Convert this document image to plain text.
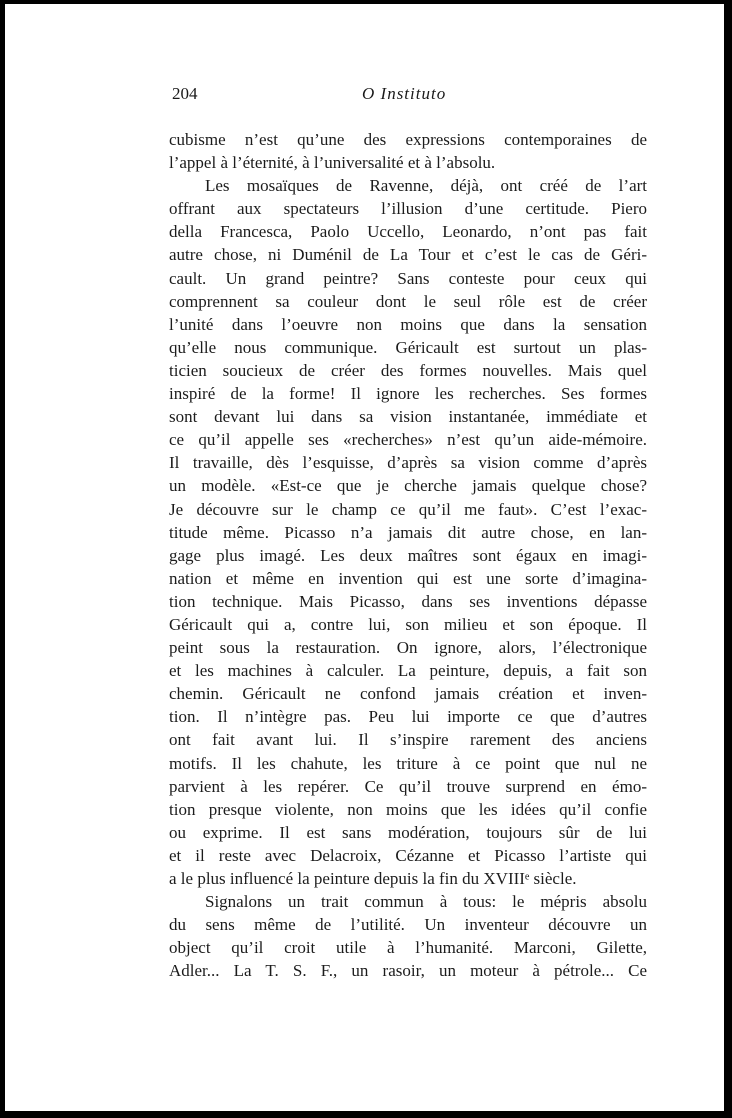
204	O Instituto
cubisme n’est qu’une des expressions contemporaines de
l’appel à l’éternité, à l’universalité et à l’absolu.
Les mosaïques de Ravenne, déjà, ont créé de l’art
offrant aux spectateurs l’illusion d’une certitude. Piero
della Francesca, Paolo Uccello, Leonardo, n’ont pas fait
autre chose, ni Duménil de La Tour et c’est le cas de Géri-
cault. Un grand peintre? Sans conteste pour ceux qui
comprennent sa couleur dont le seul rôle est de créer
l’unité dans l’oeuvre non moins que dans la sensation
qu’elle nous communique. Géricault est surtout un plas-
ticien soucieux de créer des formes nouvelles. Mais quel
inspiré de la forme! Il ignore les recherches. Ses formes
sont devant lui dans sa vision instantanée, immédiate et
ce qu’il appelle ses «recherches» n’est qu’un aide-mémoire.
Il travaille, dès l’esquisse, d’après sa vision comme d’après
un modèle. «Est-ce que je cherche jamais quelque chose?
Je découvre sur le champ ce qu’il me faut». C’est l’exac-
titude même. Picasso n’a jamais dit autre chose, en lan-
gage plus imagé. Les deux maîtres sont égaux en imagi-
nation et même en invention qui est une sorte d’imagina-
tion technique. Mais Picasso, dans ses inventions dépasse
Géricault qui a, contre lui, son milieu et son époque. Il
peint sous la restauration. On ignore, alors, l’électronique
et les machines à calculer. La peinture, depuis, a fait son
chemin. Géricault ne confond jamais création et inven-
tion. Il n’intègre pas. Peu lui importe ce que d’autres
ont fait avant lui. Il s’inspire rarement des anciens
motifs. Il les chahute, les triture à ce point que nul ne
parvient à les repérer. Ce qu’il trouve surprend en émo-
tion presque violente, non moins que les idées qu’il confie
ou exprime. Il est sans modération, toujours sûr de lui
et il reste avec Delacroix, Cézanne et Picasso l’artiste qui
a le plus influencé la peinture depuis la fin du XVIIIᵉ siècle.
Signalons un trait commun à tous: le mépris absolu
du sens même de l’utilité. Un inventeur découvre un
object qu’il croit utile à l’humanité. Marconi, Gilette,
Adler... La T. S. F., un rasoir, un moteur à pétrole... Ce
